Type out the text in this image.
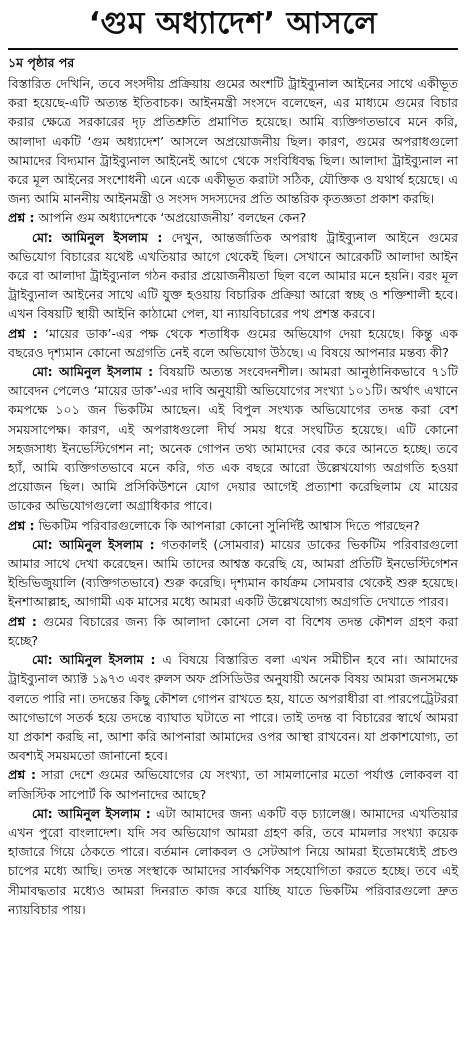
‘গুম অধ্যাদেশ’ আসলে
১ম পৃষ্ঠার পর

বিস্তারিত দেখিনি, তবে সংসদীয় প্রক্রিয়ায় গুমের অংশটি ট্রাইব্যুনাল আইনের সাথে একীভূত করা হয়েছে-এটি অত্যন্ত ইতিবাচক। আইনমন্ত্রী সংসদে বলেছেন, এর মাধ্যমে গুমের বিচার করার ক্ষেত্রে সরকারের দৃঢ় প্রতিশ্রুতি প্রমাণিত হয়েছে। আমি ব্যক্তিগতভাবে মনে করি, আলাদা একটি ‘গুম অধ্যাদেশ’ আসলে অপ্রয়োজনীয় ছিল। কারণ, গুমের অপরাধগুলো আমাদের বিদ্যমান ট্রাইব্যুনাল আইনেই আগে থেকে সংবিধিবদ্ধ ছিল। আলাদা ট্রাইব্যুনাল না করে মূল আইনের সংশোধনী এনে একে একীভূত করাটা সঠিক, যৌক্তিক ও যথার্থ হয়েছে। এ জন্য আমি মাননীয় আইনমন্ত্রী ও সংসদ সদস্যদের প্রতি আন্তরিক কৃতজ্ঞতা প্রকাশ করছি।

প্রশ্ন : আপনি গুম অধ্যাদেশকে ‘অপ্রয়োজনীয়’ বলছেন কেন?

মো: আমিনুল ইসলাম : দেখুন, আন্তর্জাতিক অপরাধ ট্রাইব্যুনাল আইনে গুমের অভিযোগ বিচারের যথেষ্ট এখতিয়ার আগে থেকেই ছিল। সেখানে আরেকটি আলাদা আইন করে বা আলাদা ট্রাইব্যুনাল গঠন করার প্রয়োজনীয়তা ছিল বলে আমার মনে হয়নি। বরং মূল ট্রাইব্যুনাল আইনের সাথে এটি যুক্ত হওয়ায় বিচারিক প্রক্রিয়া আরো স্বচ্ছ ও শক্তিশালী হবে। এখন বিষয়টি স্থায়ী আইনি কাঠামো পেল, যা ন্যায়বিচারের পথ প্রশস্ত করবে।

প্রশ্ন : ‘মায়ের ডাক’-এর পক্ষ থেকে শতাধিক গুমের অভিযোগ দেয়া হয়েছে। কিন্তু এক বছরেও দৃশ্যমান কোনো অগ্রগতি নেই বলে অভিযোগ উঠছে। এ বিষয়ে আপনার মন্তব্য কী?

মো: আমিনুল ইসলাম : বিষয়টি অত্যন্ত সংবেদনশীল। আমরা আনুষ্ঠানিকভাবে ৭১টি আবেদন পেলেও ‘মায়ের ডাক’-এর দাবি অনুযায়ী অভিযোগের সংখ্যা ১০১টি। অর্থাৎ এখানে কমপক্ষে ১০১ জন ভিকটিম আছেন। এই বিপুল সংখ্যক অভিযোগের তদন্ত করা বেশ সময়সাপেক্ষ। কারণ, এই অপরাধগুলো দীর্ঘ সময় ধরে সংঘটিত হয়েছে। এটি কোনো সহজসাধ্য ইনভেস্টিগেশন না; অনেক গোপন তথ্য আমাদের বের করে আনতে হচ্ছে। তবে হ্যাঁ, আমি ব্যক্তিগতভাবে মনে করি, গত এক বছরে আরো উল্লেখযোগ্য অগ্রগতি হওয়া প্রয়োজন ছিল। আমি প্রসিকিউশনে যোগ দেয়ার আগেই প্রত্যাশা করেছিলাম যে মায়ের ডাকের অভিযোগগুলো অগ্রাধিকার পাবে।

প্রশ্ন : ভিকটিম পরিবারগুলোকে কি আপনারা কোনো সুনির্দিষ্ট আশ্বাস দিতে পারছেন?

মো: আমিনুল ইসলাম : গতকালই (সোমবার) মায়ের ডাকের ভিকটিম পরিবারগুলো আমার সাথে দেখা করেছেন। আমি তাদের আশ্বস্ত করেছি যে, আমরা প্রতিটি ইনভেস্টিগেশন ইন্ডিভিজুয়ালি (ব্যক্তিগতভাবে) শুরু করেছি। দৃশ্যমান কার্যক্রম সোমবার থেকেই শুরু হয়েছে। ইনশাআল্লাহ, আগামী এক মাসের মধ্যে আমরা একটি উল্লেখযোগ্য অগ্রগতি দেখাতে পারব।

প্রশ্ন : গুমের বিচারের জন্য কি আলাদা কোনো সেল বা বিশেষ তদন্ত কৌশল গ্রহণ করা হচ্ছে?

মো: আমিনুল ইসলাম : এ বিষয়ে বিস্তারিত বলা এখন সমীচীন হবে না। আমাদের ট্রাইব্যুনাল অ্যাক্ট ১৯৭৩ এবং রুলস অফ প্রসিডিউর অনুযায়ী অনেক বিষয় আমরা জনসমক্ষে বলতে পারি না। তদন্তের কিছু কৌশল গোপন রাখতে হয়, যাতে অপরাধীরা বা পারপেট্রেটররা আগেভাগে সতর্ক হয়ে তদন্তে ব্যাঘাত ঘটাতে না পারে। তাই তদন্ত বা বিচারের স্বার্থে আমরা যা প্রকাশ করছি না, আশা করি আপনারা আমাদের ওপর আস্থা রাখবেন। যা প্রকাশযোগ্য, তা অবশ্যই সময়মতো জানানো হবে।

প্রশ্ন : সারা দেশে গুমের অভিযোগের যে সংখ্যা, তা সামলানোর মতো পর্যাপ্ত লোকবল বা লজিস্টিক সাপোর্ট কি আপনাদের আছে?

মো: আমিনুল ইসলাম : এটা আমাদের জন্য একটি বড় চ্যালেঞ্জ। আমাদের এখতিয়ার এখন পুরো বাংলাদেশ। যদি সব অভিযোগ আমরা গ্রহণ করি, তবে মামলার সংখ্যা কয়েক হাজারে গিয়ে ঠেকতে পারে। বর্তমান লোকবল ও সেটআপ নিয়ে আমরা ইতোমধ্যেই প্রচণ্ড চাপের মধ্যে আছি। তদন্ত সংস্থাকে আমাদের সার্বক্ষণিক সহযোগিতা করতে হচ্ছে। তবে এই সীমাবদ্ধতার মধ্যেও আমরা দিনরাত কাজ করে যাচ্ছি যাতে ভিকটিম পরিবারগুলো দ্রুত ন্যায়বিচার পায়।
